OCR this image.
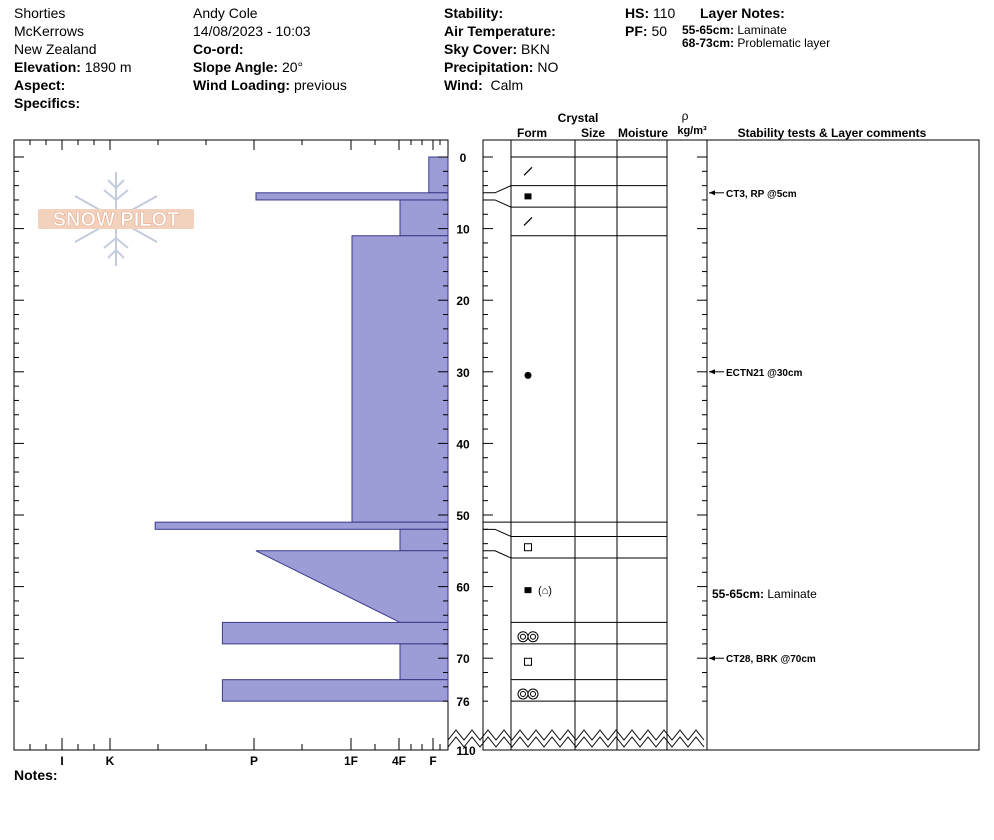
Shorties
McKerrows
New Zealand
Elevation: 1890 m
Aspect:
Specifics:
Andy Cole
14/08/2023 - 10:03
Co-ord:
Slope Angle: 20°
Wind Loading: previous
Stability:
Air Temperature:
Sky Cover: BKN
Precipitation: NO
Wind: Calm
HS: 110
PF: 50
Layer Notes:
55-65cm: Laminate
68-73cm: Problematic layer
SNOW PILOT
I	K	P	1F	4F F
0
10
20
30
40
50
60
70
76
110
(⌂)
CT3, RP @5cm
ECTN21 @30cm
CT28, BRK @70cm
55-65cm: Laminate
Crystal
Form	Size Moisture
ρ
kg/m³	Stability tests & Layer comments
Notes:
